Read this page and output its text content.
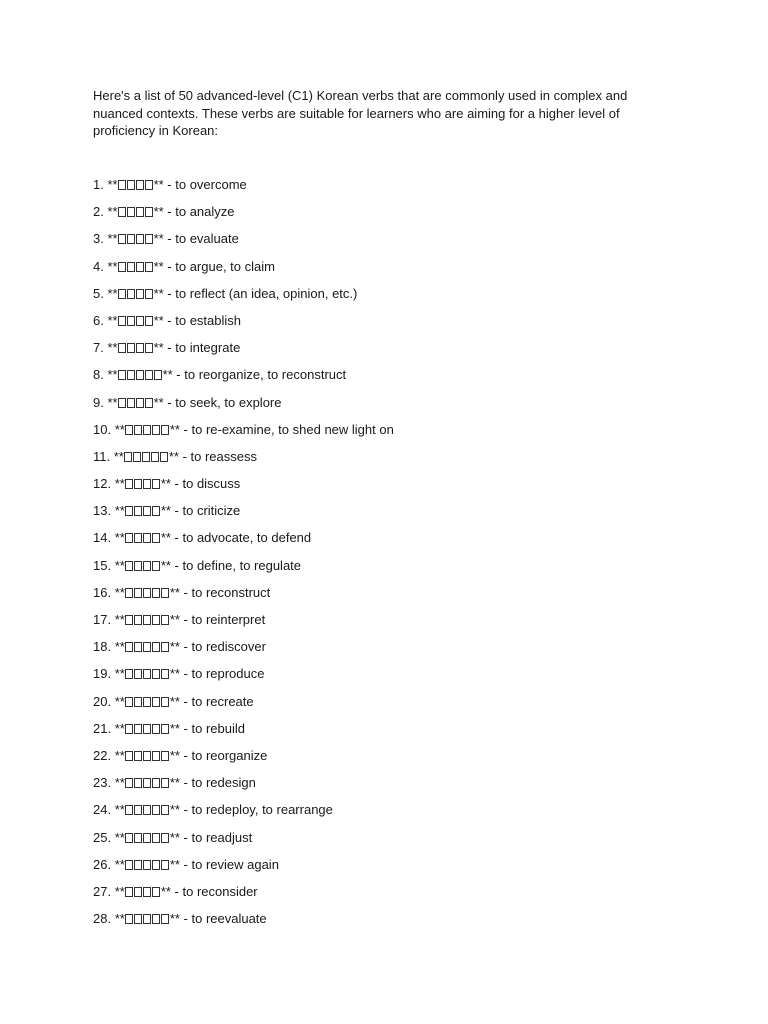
Here's a list of 50 advanced-level (C1) Korean verbs that are commonly used in complex and nuanced contexts. These verbs are suitable for learners who are aiming for a higher level of proficiency in Korean:

1. **	** - to overcome
2. **	** - to analyze
3. **	** - to evaluate
4. **	** - to argue, to claim
5. **	** - to reflect (an idea, opinion, etc.)
6. **	** - to establish
7. **	** - to integrate
8. **	** - to reorganize, to reconstruct
9. **	** - to seek, to explore
10. **	** - to re-examine, to shed new light on
11. **	** - to reassess
12. **	** - to discuss
13. **	** - to criticize
14. **	** - to advocate, to defend
15. **	** - to define, to regulate
16. **	** - to reconstruct
17. **	** - to reinterpret
18. **	** - to rediscover
19. **	** - to reproduce
20. **	** - to recreate
21. **	** - to rebuild
22. **	** - to reorganize
23. **	** - to redesign
24. **	** - to redeploy, to rearrange
25. **	** - to readjust
26. **	** - to review again
27. **	** - to reconsider
28. **	** - to reevaluate
